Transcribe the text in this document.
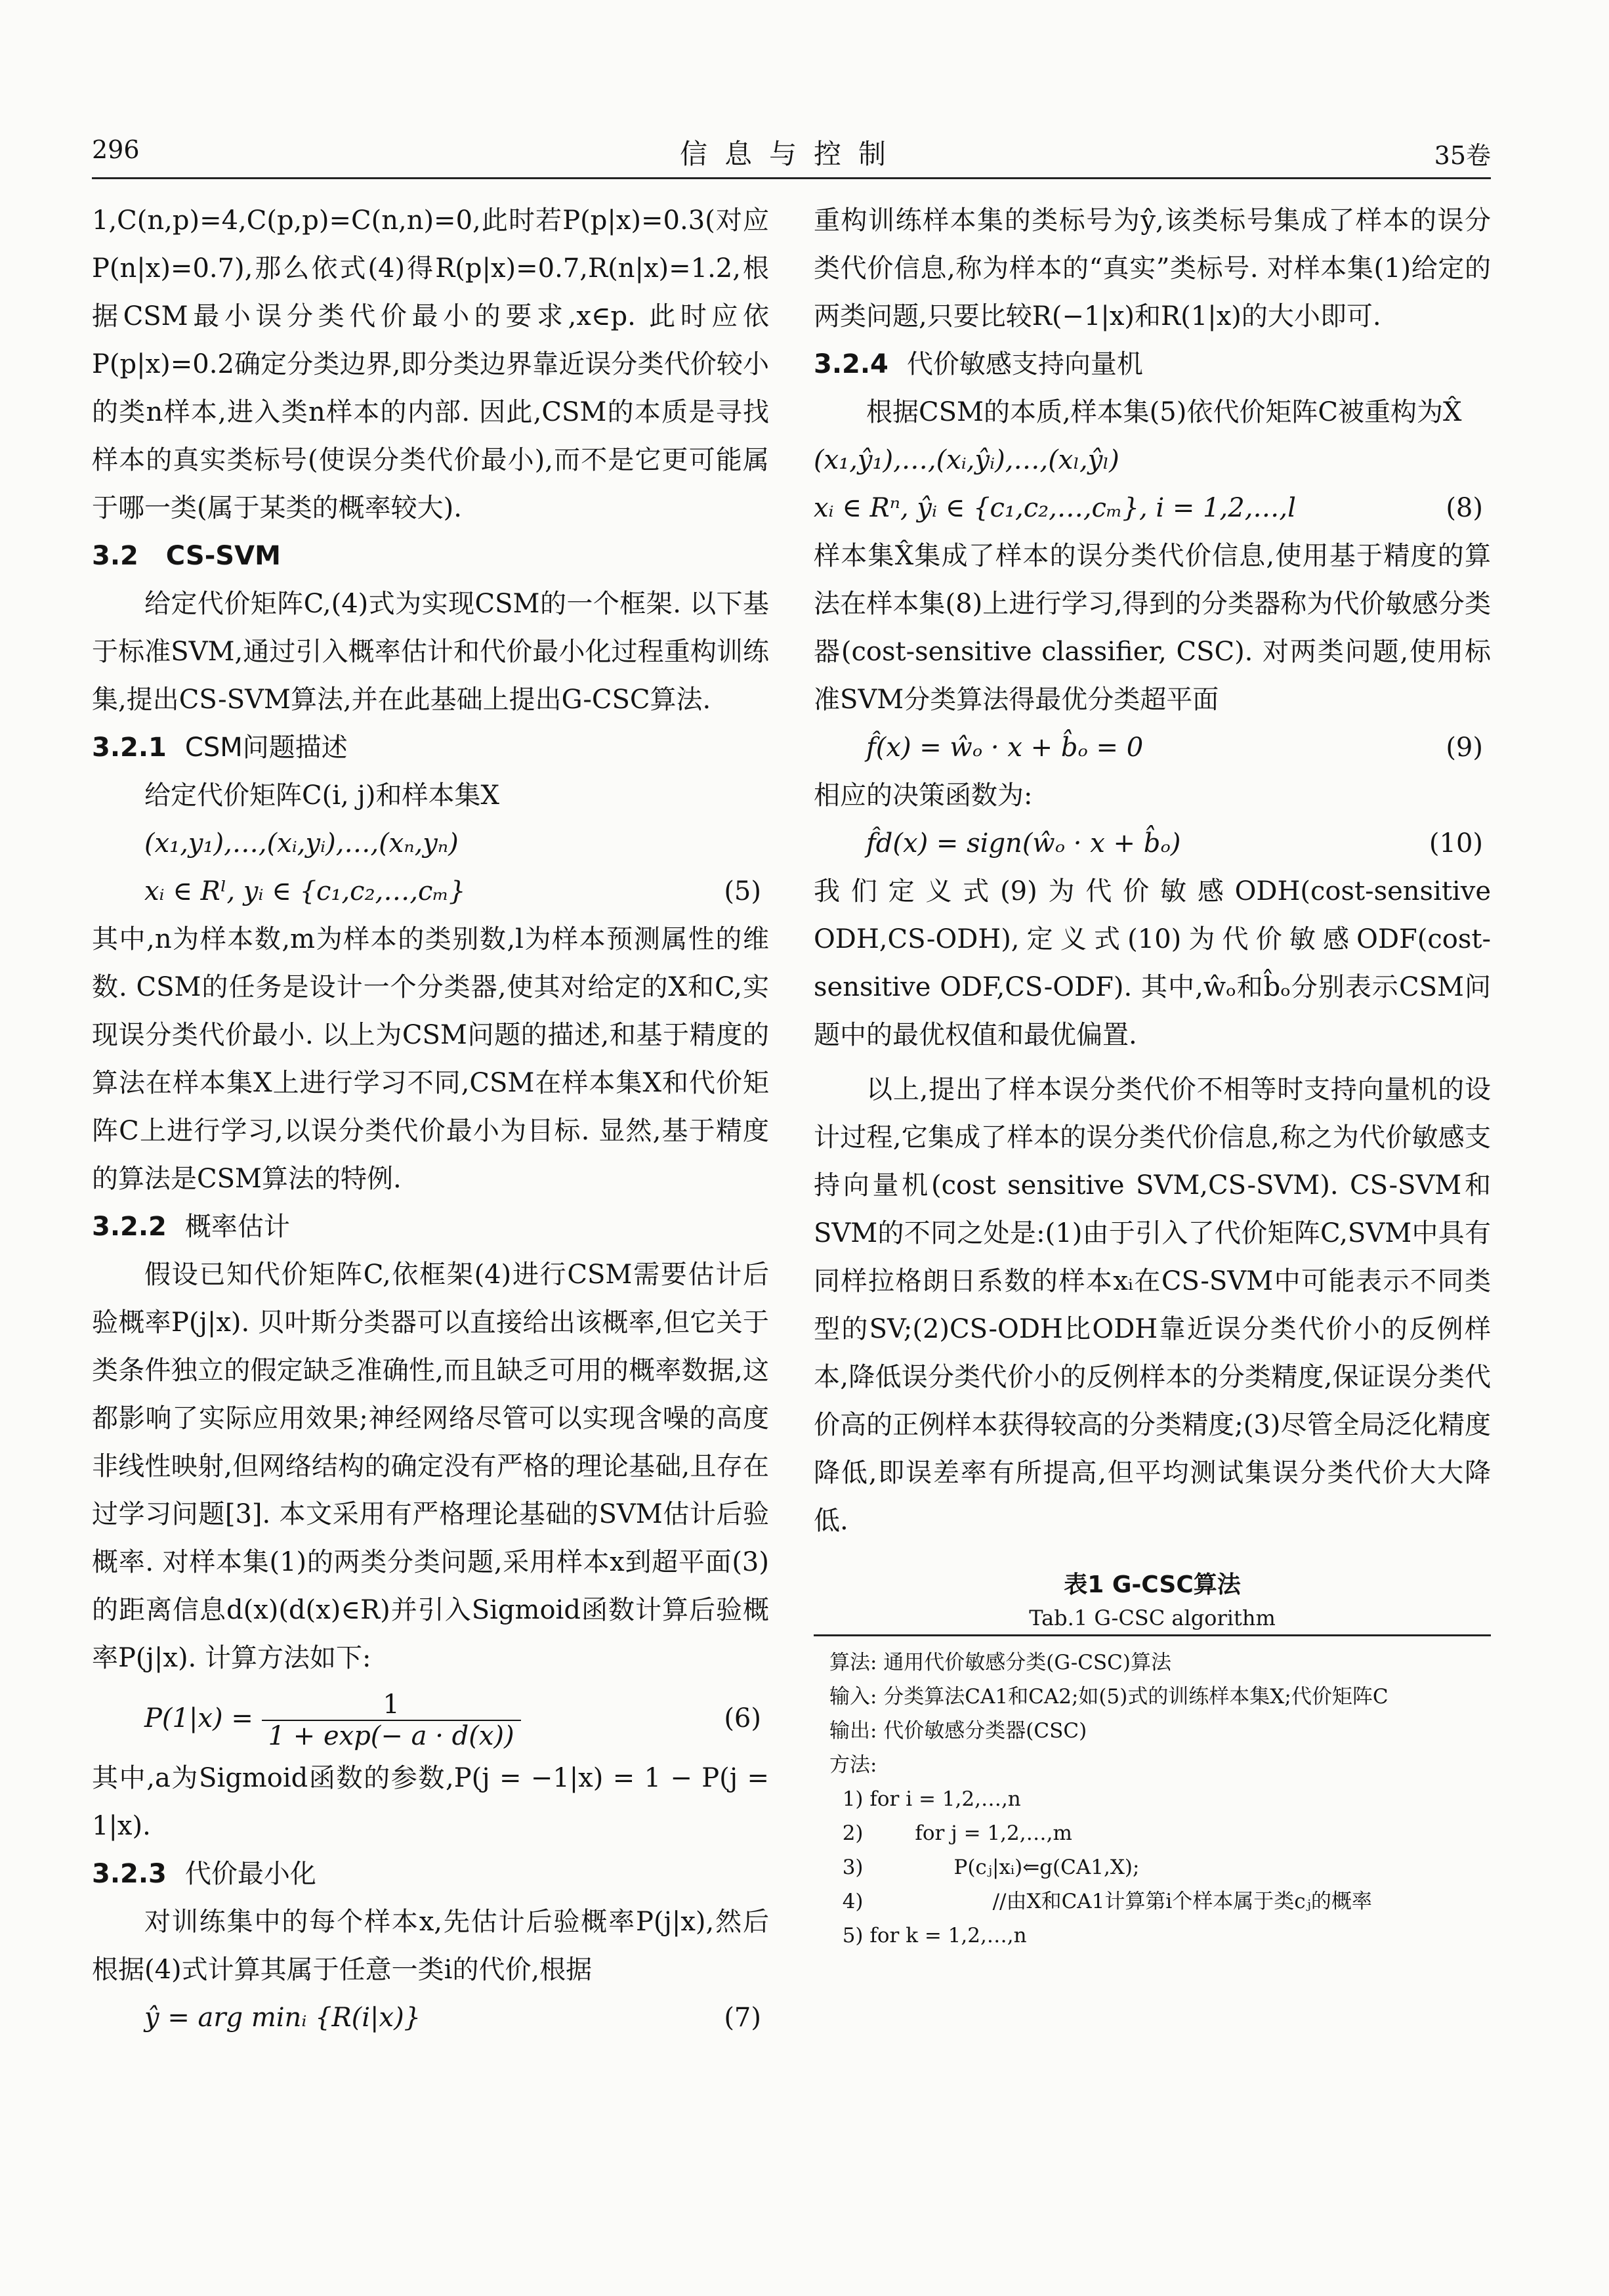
296	信息与控制	35卷

1,C(n,p)=4,C(p,p)=C(n,n)=0,此时若P(p|x)=0.3(对应P(n|x)=0.7),那么依式(4)得R(p|x)=0.7,R(n|x)=1.2,根据CSM最小误分类代价最小的要求,x∈p. 此时应依P(p|x)=0.2确定分类边界,即分类边界靠近误分类代价较小的类n样本,进入类n样本的内部. 因此,CSM的本质是寻找样本的真实类标号(使误分类代价最小),而不是它更可能属于哪一类(属于某类的概率较大).

3.2 CS-SVM

给定代价矩阵C,(4)式为实现CSM的一个框架. 以下基于标准SVM,通过引入概率估计和代价最小化过程重构训练集,提出CS-SVM算法,并在此基础上提出G-CSC算法.

3.2.1 CSM问题描述

给定代价矩阵C(i, j)和样本集X

(x₁,y₁),…,(xᵢ,yᵢ),…,(xₙ,yₙ)
xᵢ ∈ Rˡ, yᵢ ∈ {c₁,c₂,…,cₘ}	(5)

其中,n为样本数,m为样本的类别数,l为样本预测属性的维数. CSM的任务是设计一个分类器,使其对给定的X和C,实现误分类代价最小. 以上为CSM问题的描述,和基于精度的算法在样本集X上进行学习不同,CSM在样本集X和代价矩阵C上进行学习,以误分类代价最小为目标. 显然,基于精度的算法是CSM算法的特例.

3.2.2 概率估计

假设已知代价矩阵C,依框架(4)进行CSM需要估计后验概率P(j|x). 贝叶斯分类器可以直接给出该概率,但它关于类条件独立的假定缺乏准确性,而且缺乏可用的概率数据,这都影响了实际应用效果;神经网络尽管可以实现含噪的高度非线性映射,但网络结构的确定没有严格的理论基础,且存在过学习问题[3]. 本文采用有严格理论基础的SVM估计后验概率. 对样本集(1)的两类分类问题,采用样本x到超平面(3)的距离信息d(x)(d(x)∈R)并引入Sigmoid函数计算后验概率P(j|x). 计算方法如下:

$P(1|x) = \frac{1}{1 + \exp(- a \cdot d(x))}$	(6)

其中,a为Sigmoid函数的参数,P(j = −1|x) = 1 − P(j = 1|x).

3.2.3 代价最小化

对训练集中的每个样本x,先估计后验概率P(j|x),然后根据(4)式计算其属于任意一类i的代价,根据

ŷ = arg minᵢ {R(i|x)}	(7)

重构训练样本集的类标号为ŷ,该类标号集成了样本的误分类代价信息,称为样本的“真实”类标号. 对样本集(1)给定的两类问题,只要比较R(−1|x)和R(1|x)的大小即可.

3.2.4 代价敏感支持向量机

根据CSM的本质,样本集(5)依代价矩阵C被重构为X̂

(x₁,ŷ₁),…,(xᵢ,ŷᵢ),…,(xₗ,ŷₗ)
xᵢ ∈ Rⁿ, ŷᵢ ∈ {c₁,c₂,…,cₘ}, i = 1,2,…,l	(8)

样本集X̂集成了样本的误分类代价信息,使用基于精度的算法在样本集(8)上进行学习,得到的分类器称为代价敏感分类器(cost-sensitive classifier, CSC). 对两类问题,使用标准SVM分类算法得最优分类超平面

f̂(x) = ŵₒ · x + b̂ₒ = 0	(9)

相应的决策函数为:

f̂d(x) = sign(ŵₒ · x + b̂ₒ)	(10)

我们定义式(9)为代价敏感ODH(cost-sensitive ODH,CS-ODH),定义式(10)为代价敏感ODF(cost-sensitive ODF,CS-ODF). 其中,ŵₒ和b̂ₒ分别表示CSM问题中的最优权值和最优偏置.

以上,提出了样本误分类代价不相等时支持向量机的设计过程,它集成了样本的误分类代价信息,称之为代价敏感支持向量机(cost sensitive SVM,CS-SVM). CS-SVM和SVM的不同之处是:(1)由于引入了代价矩阵C,SVM中具有同样拉格朗日系数的样本xᵢ在CS-SVM中可能表示不同类型的SV;(2)CS-ODH比ODH靠近误分类代价小的反例样本,降低误分类代价小的反例样本的分类精度,保证误分类代价高的正例样本获得较高的分类精度;(3)尽管全局泛化精度降低,即误差率有所提高,但平均测试集误分类代价大大降低.

表1 G-CSC算法
Tab.1 G-CSC algorithm
算法: 通用代价敏感分类(G-CSC)算法
输入: 分类算法CA1和CA2;如(5)式的训练样本集X;代价矩阵C
输出: 代价敏感分类器(CSC)
方法:
1) for i = 1,2,…,n
2)        for j = 1,2,…,m
3)              P(cⱼ|xᵢ)⇐g(CA1,X);
4)                    //由X和CA1计算第i个样本属于类cⱼ的概率
5) for k = 1,2,…,n
